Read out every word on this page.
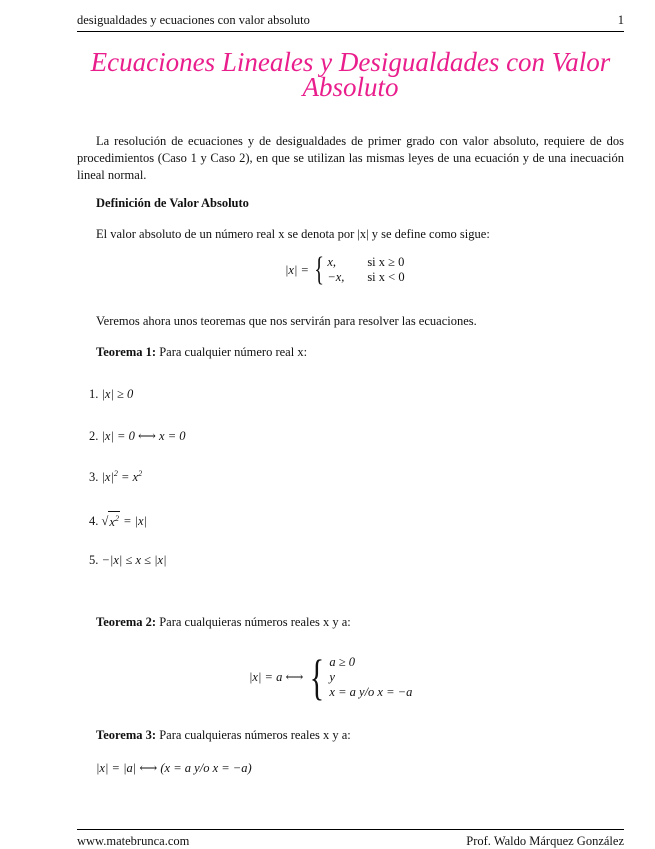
desigualdades y ecuaciones con valor absoluto	1
Ecuaciones Lineales y Desigualdades con Valor
Absoluto
La resolución de ecuaciones y de desigualdades de primer grado con valor absoluto, requiere de dos procedimientos (Caso 1 y Caso 2), en que se utilizan las mismas leyes de una ecuación y de una inecuación lineal normal.
Definición de Valor Absoluto
El valor absoluto de un número real x se denota por |x| y se define como sigue:
|x| = { x,	si x ≥ 0
−x,	si x < 0
Veremos ahora unos teoremas que nos servirán para resolver las ecuaciones.
Teorema 1: Para cualquier número real x:
1. |x| ≥ 0
2. |x| = 0 ⟷ x = 0
3. $|x|^2 = x^2$
4. √ $x^2 = |x|$
5. −|x| ≤ x ≤ |x|
Teorema 2: Para cualquieras números reales x y a:
|x| = a ⟷ { a ≥ 0
y
x = a y/o x = −a
Teorema 3: Para cualquieras números reales x y a:
|x| = |a| ⟷ (x = a y/o x = −a)
www.matebrunca.com	Prof. Waldo Márquez González
